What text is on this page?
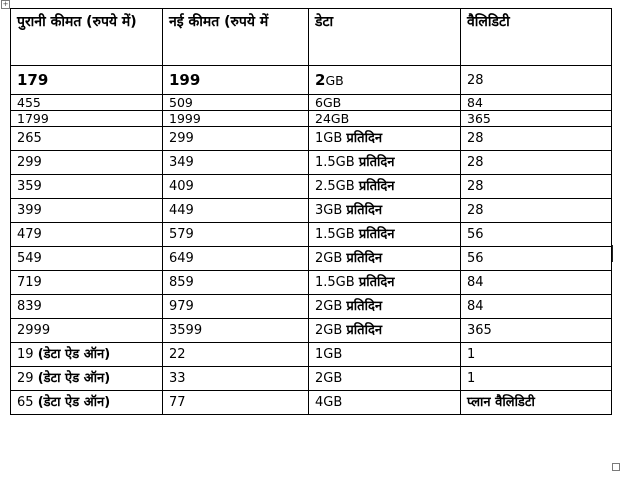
+
पुरानी कीमत (रुपये में)	नई कीमत (रुपये में	डेटा	वैलिडिटी
179	199	2GB	28
455	509	6GB	84
1799	1999	24GB	365
265	299	1GB प्रतिदिन	28
299	349	1.5GB प्रतिदिन	28
359	409	2.5GB प्रतिदिन	28
399	449	3GB प्रतिदिन	28
479	579	1.5GB प्रतिदिन	56
549	649	2GB प्रतिदिन	56
719	859	1.5GB प्रतिदिन	84
839	979	2GB प्रतिदिन	84
2999	3599	2GB प्रतिदिन	365
19 (डेटा ऐड ऑन)	22	1GB	1
29 (डेटा ऐड ऑन)	33	2GB	1
65 (डेटा ऐड ऑन)	77	4GB	प्लान वैलिडिटी
